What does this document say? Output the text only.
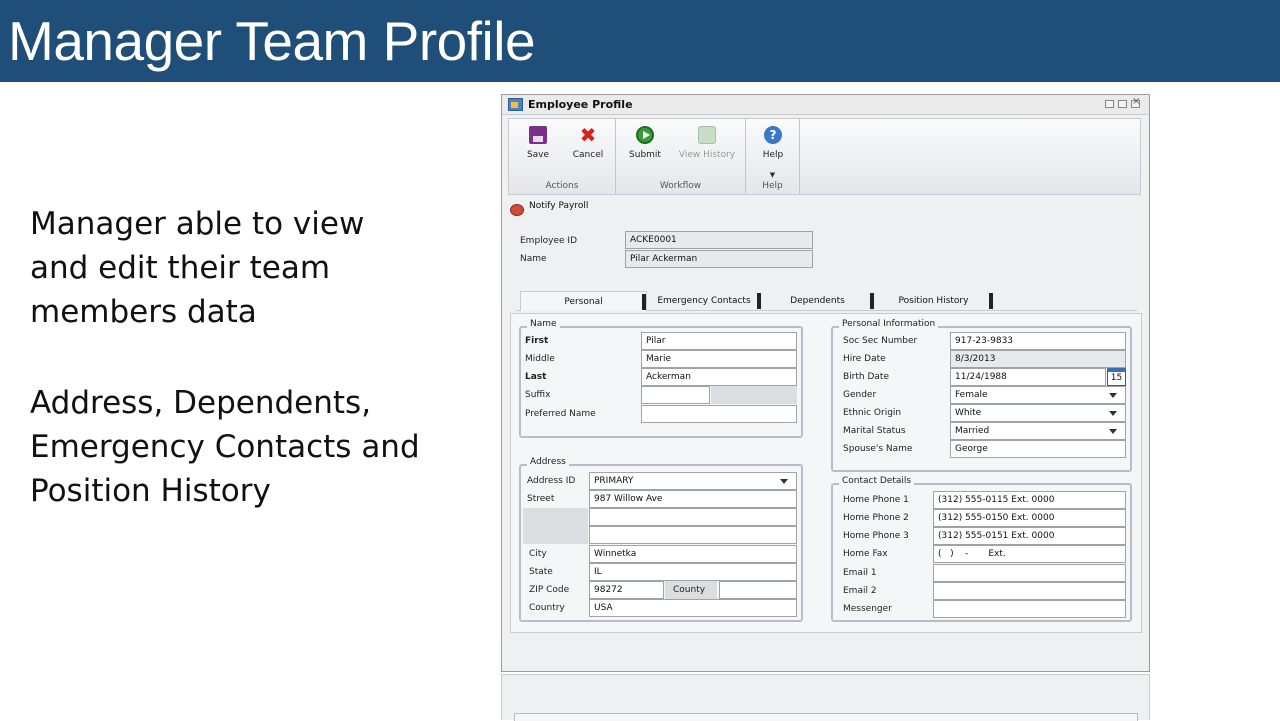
Manager Team Profile
Manager able to view and edit their team members data
Address, Dependents, Emergency Contacts and Position History
Employee Profile
×
Save
✖
Cancel
Actions
Submit	View History
Workflow
?
Help
▼
Help
Notify Payroll
Employee ID	ACKE0001
Name	Pilar Ackerman
Personal	Emergency Contacts	Dependents	Position History
Name
First	Pilar
Middle	Marie
Last	Ackerman
Suffix
Preferred Name
Personal Information
Soc Sec Number	917-23-9833
Hire Date	8/3/2013
Birth Date	11/24/1988	15
Gender	Female
Ethnic Origin	White
Marital Status	Married
Spouse's Name	George
Address
Address ID	PRIMARY
Street	987 Willow Ave
City	Winnetka
State	IL
ZIP Code	98272	County
Country	USA
Contact Details
Home Phone 1	(312) 555-0115 Ext. 0000
Home Phone 2	(312) 555-0150 Ext. 0000
Home Phone 3	(312) 555-0151 Ext. 0000
Home Fax	(   )    -       Ext.
Email 1
Email 2
Messenger
